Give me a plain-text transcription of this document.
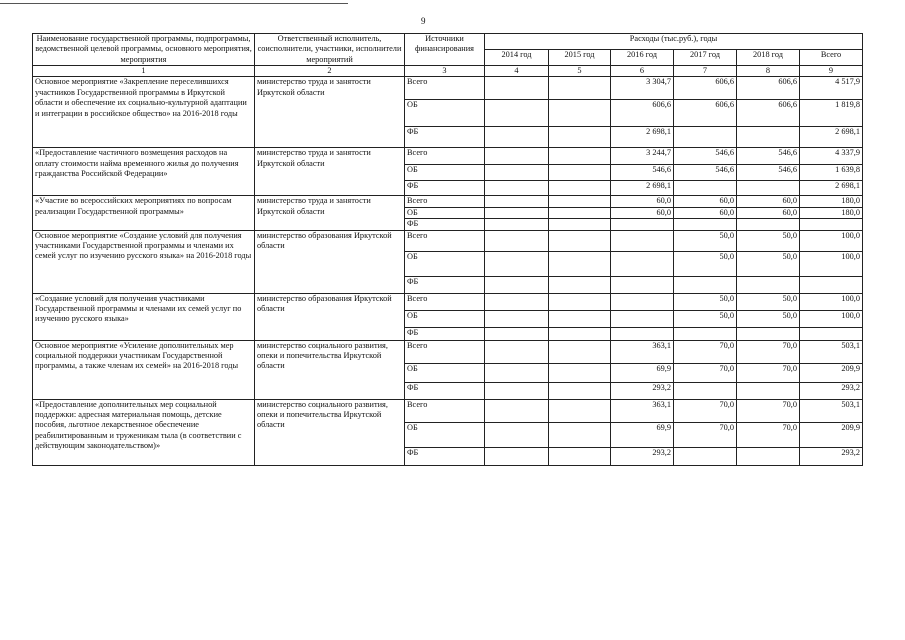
9
Наименование государственной программы, подпрограммы, ведомственной целевой программы, основного мероприятия, мероприятия	Ответственный исполнитель, соисполнители, участники, исполнители мероприятий	Источники финансирования	Расходы (тыс.руб.), годы					
			2014 год	2015 год	2016 год	2017 год	2018 год	Всего
1	2	3	4	5	6	7	8	9
Основное мероприятие «Закрепление переселившихся участников Государственной программы в Иркутской области и обеспечение их социально-культурной адаптации и интеграции в российское общество» на 2016-2018 годы	министерство труда и занятости Иркутской области	Всего			3 304,7	606,6	606,6	4 517,9
		ОБ			606,6	606,6	606,6	1 819,8
		ФБ			2 698,1			2 698,1
«Предоставление частичного возмещения расходов на оплату стоимости найма временного жилья до получения гражданства Российской Федерации»	министерство труда и занятости Иркутской области	Всего			3 244,7	546,6	546,6	4 337,9
		ОБ			546,6	546,6	546,6	1 639,8
		ФБ			2 698,1			2 698,1
«Участие во всероссийских мероприятиях по вопросам реализации Государственной программы»	министерство труда и занятости Иркутской области	Всего			60,0	60,0	60,0	180,0
		ОБ			60,0	60,0	60,0	180,0
		ФБ						
Основное мероприятие «Создание условий для получения участниками Государственной программы и членами их семей услуг по изучению русского языка» на 2016-2018 годы	министерство образования Иркутской области	Всего				50,0	50,0	100,0
		ОБ				50,0	50,0	100,0
		ФБ						
«Создание условий для получения участниками Государственной программы и членами их семей услуг по изучению русского языка»	министерство образования Иркутской области	Всего				50,0	50,0	100,0
		ОБ				50,0	50,0	100,0
		ФБ						
Основное мероприятие «Усиление дополнительных мер социальной поддержки участникам Государственной программы, а также членам их семей» на 2016-2018 годы	министерство социального развития, опеки и попечительства Иркутской области	Всего			363,1	70,0	70,0	503,1
		ОБ			69,9	70,0	70,0	209,9
		ФБ			293,2			293,2
«Предоставление дополнительных мер социальной поддержки: адресная материальная помощь, детские пособия, льготное лекарственное обеспечение реабилитированным и труженикам тыла (в соответствии с действующим законодательством)»	министерство социального развития, опеки и попечительства Иркутской области	Всего			363,1	70,0	70,0	503,1
		ОБ			69,9	70,0	70,0	209,9
		ФБ			293,2			293,2
